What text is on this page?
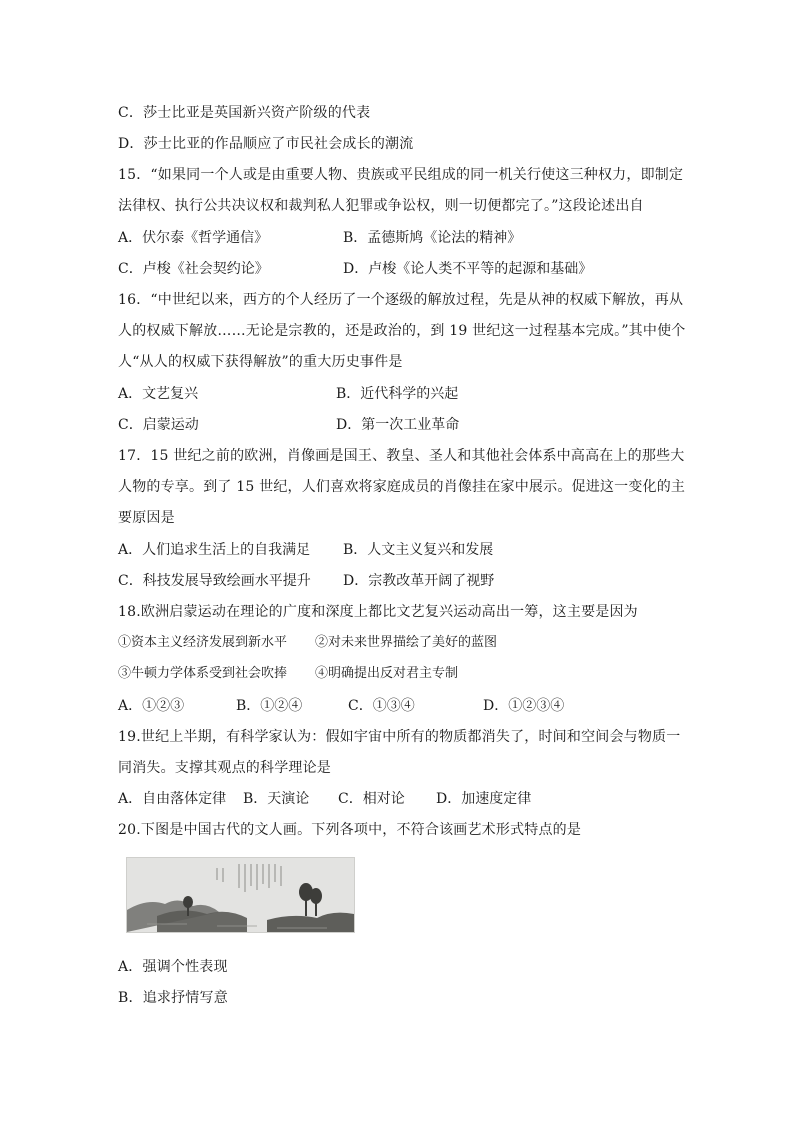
C．莎士比亚是英国新兴资产阶级的代表
D．莎士比亚的作品顺应了市民社会成长的潮流
15．“如果同一个人或是由重要人物、贵族或平民组成的同一机关行使这三种权力，即制定
法律权、执行公共决议权和裁判私人犯罪或争讼权，则一切便都完了。”这段论述出自
A．伏尔泰《哲学通信》	B．孟德斯鸠《论法的精神》
C．卢梭《社会契约论》	D．卢梭《论人类不平等的起源和基础》
16．“中世纪以来，西方的个人经历了一个逐级的解放过程，先是从神的权威下解放，再从
人的权威下解放……无论是宗教的，还是政治的，到 19 世纪这一过程基本完成。”其中使个
人“从人的权威下获得解放”的重大历史事件是
A．文艺复兴	B．近代科学的兴起
C．启蒙运动	D．第一次工业革命
17．15 世纪之前的欧洲，肖像画是国王、教皇、圣人和其他社会体系中高高在上的那些大
人物的专享。到了 15 世纪，人们喜欢将家庭成员的肖像挂在家中展示。促进这一变化的主
要原因是
A．人们追求生活上的自我满足 B．人文主义复兴和发展
C．科技发展导致绘画水平提升 D．宗教改革开阔了视野
18.欧洲启蒙运动在理论的广度和深度上都比文艺复兴运动高出一筹，这主要是因为
①资本主义经济发展到新水平 ②对未来世界描绘了美好的蓝图
③牛顿力学体系受到社会吹捧 ④明确提出反对君主专制
A．①②③	B．①②④	C．①③④	D．①②③④
19.世纪上半期，有科学家认为：假如宇宙中所有的物质都消失了，时间和空间会与物质一
同消失。支撑其观点的科学理论是
A．自由落体定律 B．天演论 C．相对论 D．加速度定律
20.下图是中国古代的文人画。下列各项中，不符合该画艺术形式特点的是
A．强调个性表现
B．追求抒情写意
